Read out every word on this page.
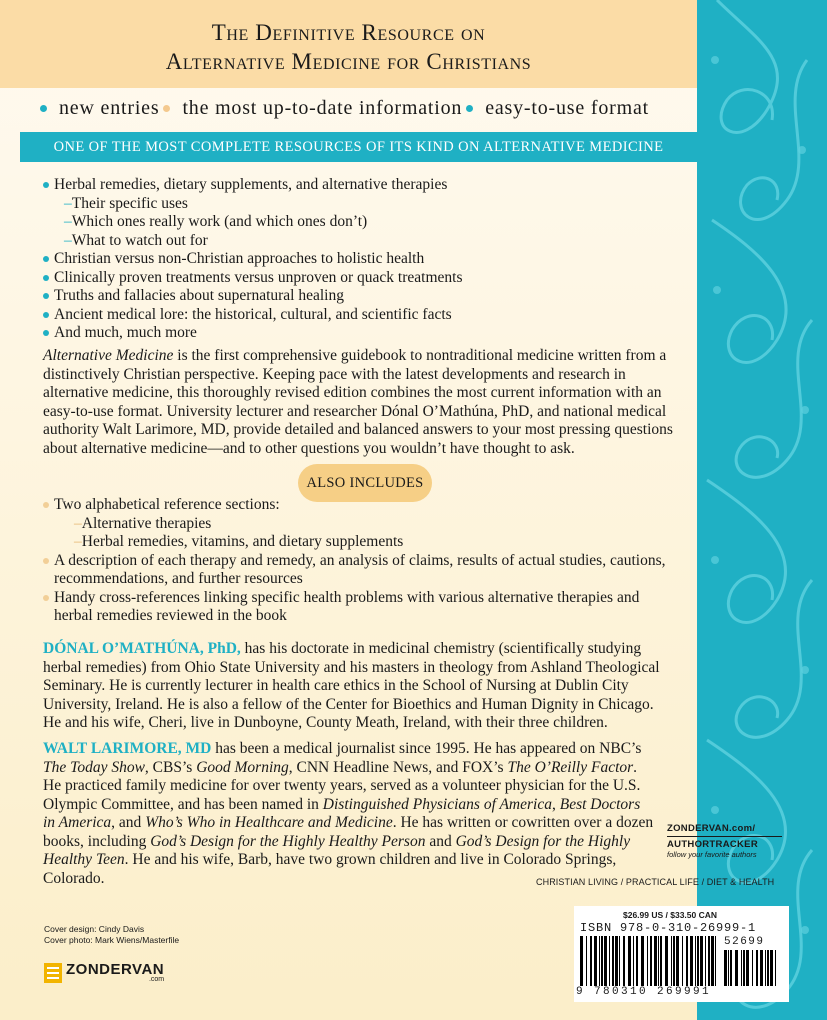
The Definitive Resource on
Alternative Medicine for Christians
new entries the most up-to-date information easy-to-use format
ONE OF THE MOST COMPLETE RESOURCES OF ITS KIND ON ALTERNATIVE MEDICINE
Herbal remedies, dietary supplements, and alternative therapies
–Their specific uses
–Which ones really work (and which ones don’t)
–What to watch out for
Christian versus non-Christian approaches to holistic health
Clinically proven treatments versus unproven or quack treatments
Truths and fallacies about supernatural healing
Ancient medical lore: the historical, cultural, and scientific facts
And much, much more
Alternative Medicine is the first comprehensive guidebook to nontraditional medicine written from a distinctively Christian perspective. Keeping pace with the latest developments and research in alternative medicine, this thoroughly revised edition combines the most current information with an easy-to-use format. University lecturer and researcher Dónal O’Mathúna, PhD, and national medical authority Walt Larimore, MD, provide detailed and balanced answers to your most pressing questions about alternative medicine—and to other questions you wouldn’t have thought to ask.
ALSO INCLUDES
Two alphabetical reference sections:
–Alternative therapies
–Herbal remedies, vitamins, and dietary supplements
A description of each therapy and remedy, an analysis of claims, results of actual studies, cautions, recommendations, and further resources
Handy cross-references linking specific health problems with various alternative therapies and herbal remedies reviewed in the book
DÓNAL O’MATHÚNA, PhD, has his doctorate in medicinal chemistry (scientifically studying herbal remedies) from Ohio State University and his masters in theology from Ashland Theological Seminary. He is currently lecturer in health care ethics in the School of Nursing at Dublin City University, Ireland. He is also a fellow of the Center for Bioethics and Human Dignity in Chicago. He and his wife, Cheri, live in Dunboyne, County Meath, Ireland, with their three children.
WALT LARIMORE, MD has been a medical journalist since 1995. He has appeared on NBC’s The Today Show, CBS’s Good Morning, CNN Headline News, and FOX’s The O’Reilly Factor. He practiced family medicine for over twenty years, served as a volunteer physician for the U.S. Olympic Committee, and has been named in Distinguished Physicians of America, Best Doctors in America, and Who’s Who in Healthcare and Medicine. He has written or cowritten over a dozen books, including God’s Design for the Highly Healthy Person and God’s Design for the Highly Healthy Teen. He and his wife, Barb, have two grown children and live in Colorado Springs, Colorado.
ZONDERVAN.com/
AUTHORTRACKER
follow your favorite authors
CHRISTIAN LIVING / PRACTICAL LIFE / DIET & HEALTH
Cover design: Cindy Davis
Cover photo: Mark Wiens/Masterfile
ZONDERVAN
.com
$26.99 US / $33.50 CAN
ISBN 978-0-310-26999-1
52699
9 780310 269991
